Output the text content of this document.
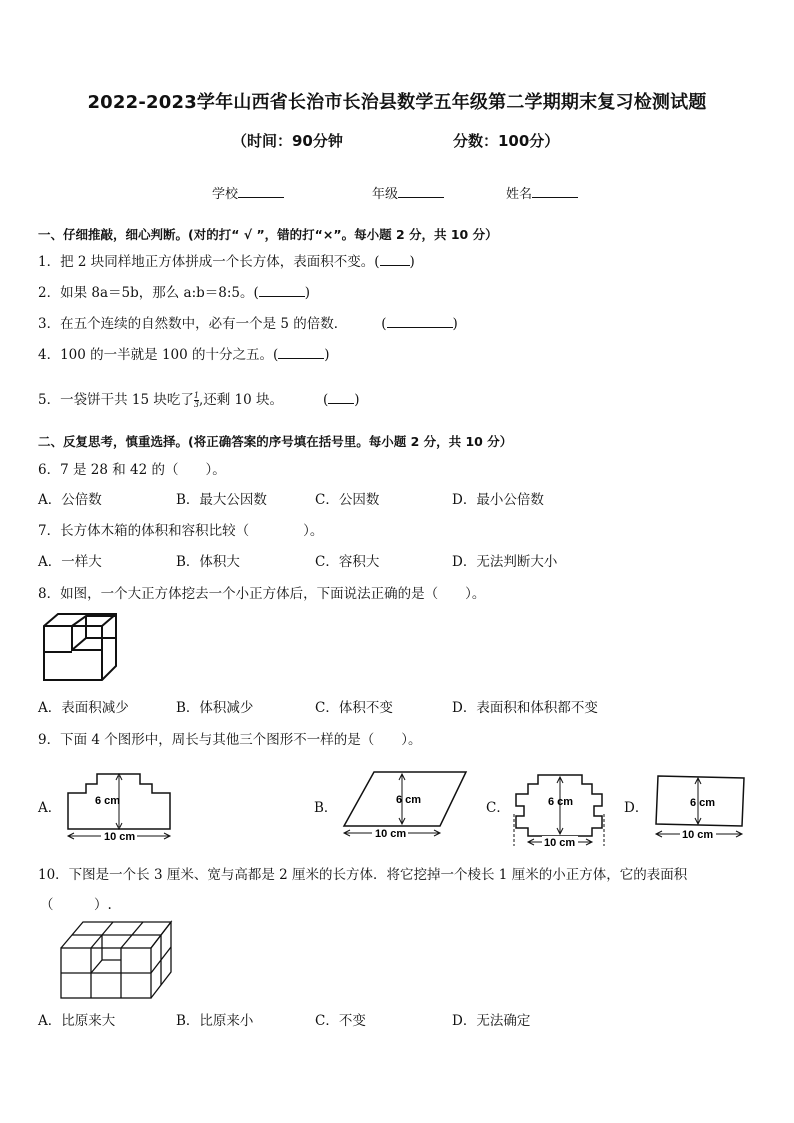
2022-2023学年山西省长治市长治县数学五年级第二学期期末复习检测试题
（时间：90分钟	分数：100分）
学校	年级	姓名
一、仔细推敲，细心判断。(对的打“ √ ”，错的打“×”。每小题 2 分，共 10 分）
1．把 2 块同样地正方体拼成一个长方体，表面积不变。( )
2．如果 8a＝5b，那么 a:b＝8:5。(	)
3．在五个连续的自然数中，必有一个是 5 的倍数．	(	)
4．100 的一半就是 100 的十分之五。(	)
5．一袋饼干共 15 块吃了 $\frac{1}{3}$ ,还剩 10 块。	( )
二、反复思考，慎重选择。(将正确答案的序号填在括号里。每小题 2 分，共 10 分）
6．7 是 28 和 42 的（　　）。
A．公倍数	B．最大公因数	C．公因数	D．最小公倍数
7．长方体木箱的体积和容积比较（　　　　）。
A．一样大	B．体积大	C．容积大	D．无法判断大小
8．如图，一个大正方体挖去一个小正方体后，下面说法正确的是（　　）。
A．表面积减少	B．体积减少	C．体积不变	D．表面积和体积都不变
9．下面 4 个图形中，周长与其他三个图形不一样的是（　　）。
A．	6 cm
10 cm
B．	6 cm
10 cm
C．	6 cm
10 cm
D．	6 cm
10 cm
10．下图是一个长 3 厘米、宽与高都是 2 厘米的长方体．将它挖掉一个棱长 1 厘米的小正方体，它的表面积
（　　　）.
A．比原来大	B．比原来小	C．不变	D．无法确定
